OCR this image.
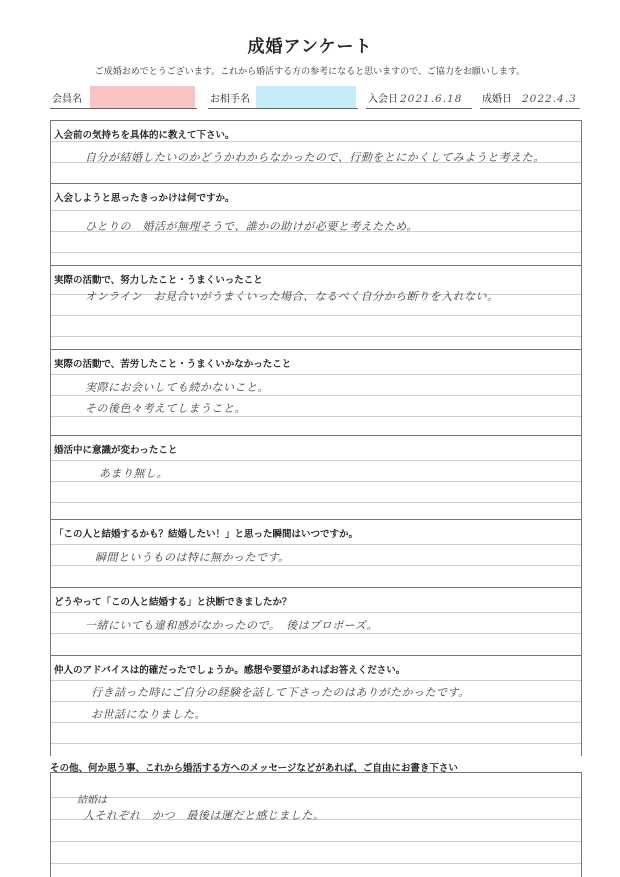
成婚アンケート
ご成婚おめでとうございます。これから婚活する方の参考になると思いますので、ご協力をお願いします。
会員名	お相手名	入会日 2021.6.18 成婚日 2022.4.3
入会前の気持ちを具体的に教えて下さい。
自分が結婚したいのかどうかわからなかったので、行動をとにかくしてみようと考えた。
入会しようと思ったきっかけは何ですか。
ひとりの　婚活が無理そうで、誰かの助けが必要と考えたため。
実際の活動で、努力したこと・うまくいったこと
オンライン　お見合いがうまくいった場合、なるべく自分から断りを入れない。
実際の活動で、苦労したこと・うまくいかなかったこと
実際にお会いしても続かないこと。
その後色々考えてしまうこと。
婚活中に意識が変わったこと
あまり無し。
「この人と結婚するかも？結婚したい！」と思った瞬間はいつですか。
瞬間というものは特に無かったです。
どうやって「この人と結婚する」と決断できましたか？
一緒にいても違和感がなかったので。　後はプロポーズ。
仲人のアドバイスは的確だったでしょうか。感想や要望があればお答えください。
行き詰った時にご自分の経験を話して下さったのはありがたかったです。
お世話になりました。
その他、何か思う事、これから婚活する方へのメッセージなどがあれば、ご自由にお書き下さい
結婚は
人それぞれ　かつ　最後は運だと感じました。
